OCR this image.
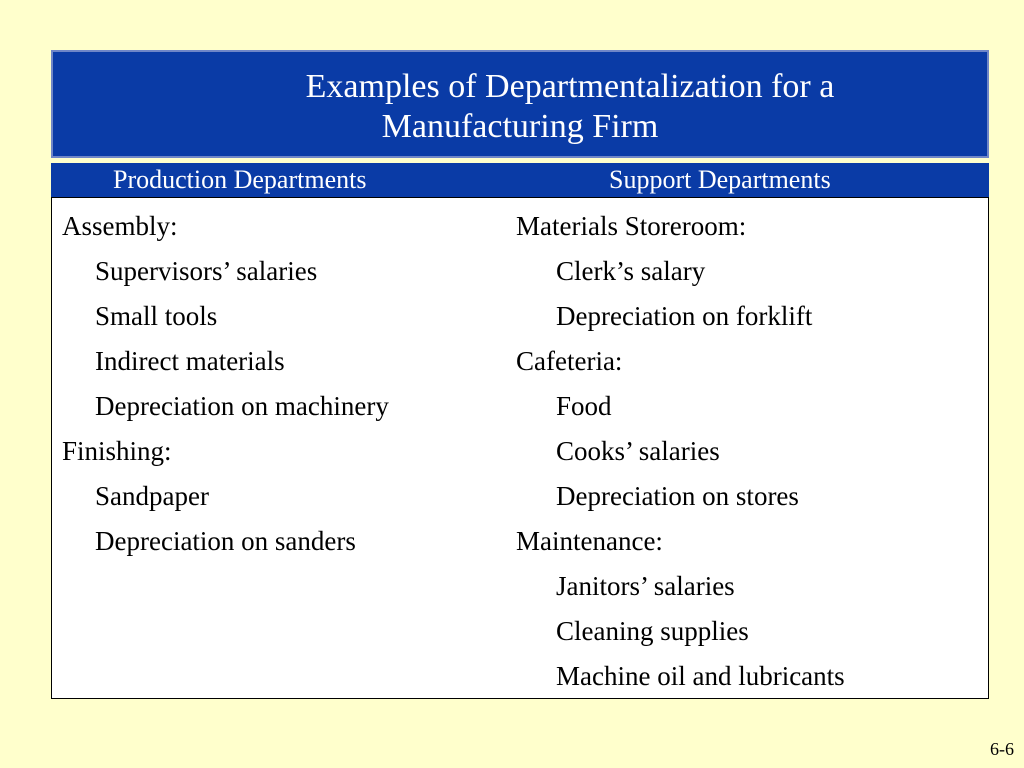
Examples of Departmentalization for a
Manufacturing Firm
Production Departments	Support Departments
Assembly:
Supervisors’ salaries
Small tools
Indirect materials
Depreciation on machinery
Finishing:
Sandpaper
Depreciation on sanders
Materials Storeroom:
Clerk’s salary
Depreciation on forklift
Cafeteria:
Food
Cooks’ salaries
Depreciation on stores
Maintenance:
Janitors’ salaries
Cleaning supplies
Machine oil and lubricants
6-6
